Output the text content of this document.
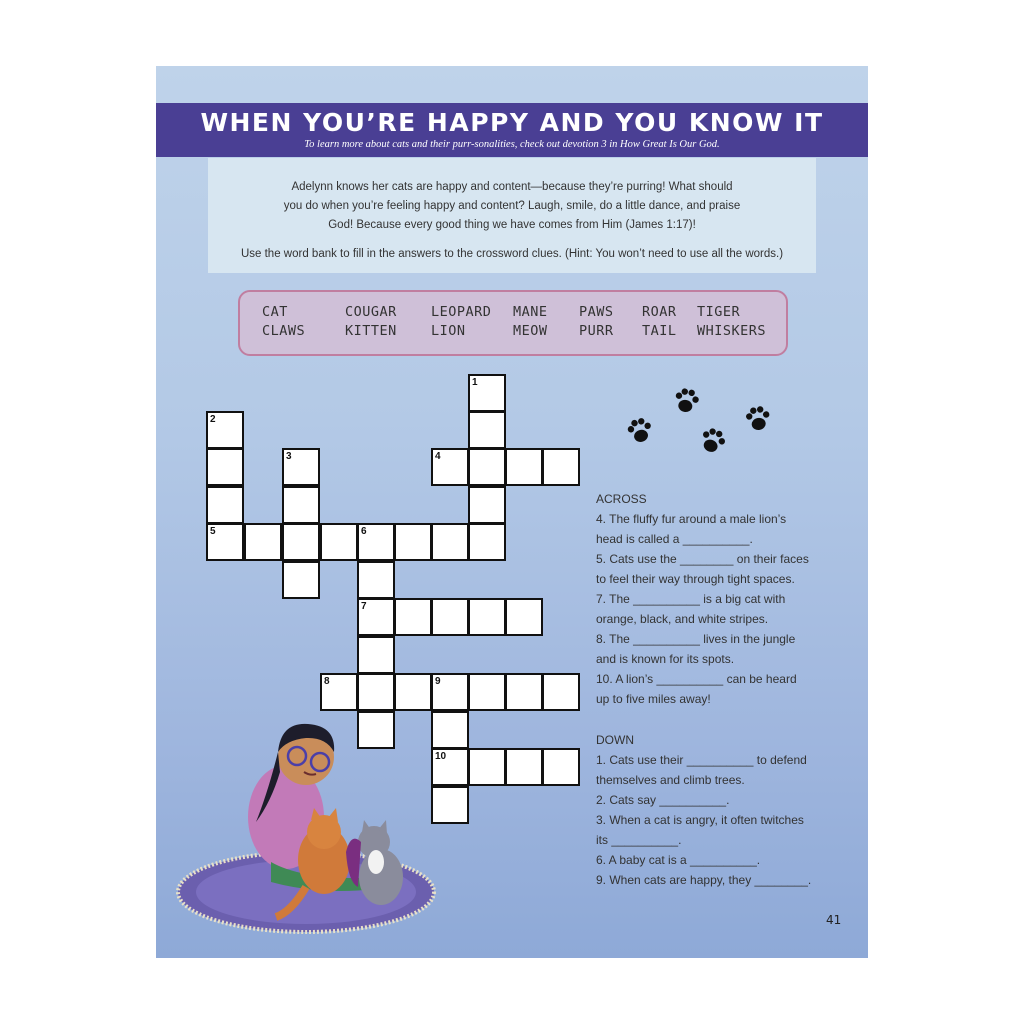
WHEN YOU’RE HAPPY AND YOU KNOW IT
To learn more about cats and their purr-sonalities, check out devotion 3 in How Great Is Our God.

Adelynn knows her cats are happy and content—because they’re purring! What should

you do when you’re feeling happy and content? Laugh, smile, do a little dance, and praise

God! Because every good thing we have comes from Him (James 1:17)!

Use the word bank to fill in the answers to the crossword clues. (Hint: You won’t need to use all the words.)

CAT
CLAWS
COUGAR
KITTEN
LEOPARD
LION
MANE
MEOW
PAWS
PURR
ROAR
TAIL
TIGER
WHISKERS
1
2
5
3	4
6
7
8	9
10
ACROSS
4. The fluffy fur around a male lion’s
head is called a __________.
5. Cats use the ________ on their faces
to feel their way through tight spaces.
7. The __________ is a big cat with
orange, black, and white stripes.
8. The __________ lives in the jungle
and is known for its spots.
10. A lion’s __________ can be heard
up to five miles away!
DOWN
1. Cats use their __________ to defend
themselves and climb trees.
2. Cats say __________.
3. When a cat is angry, it often twitches
its __________.
6. A baby cat is a __________.
9. When cats are happy, they ________.
41
